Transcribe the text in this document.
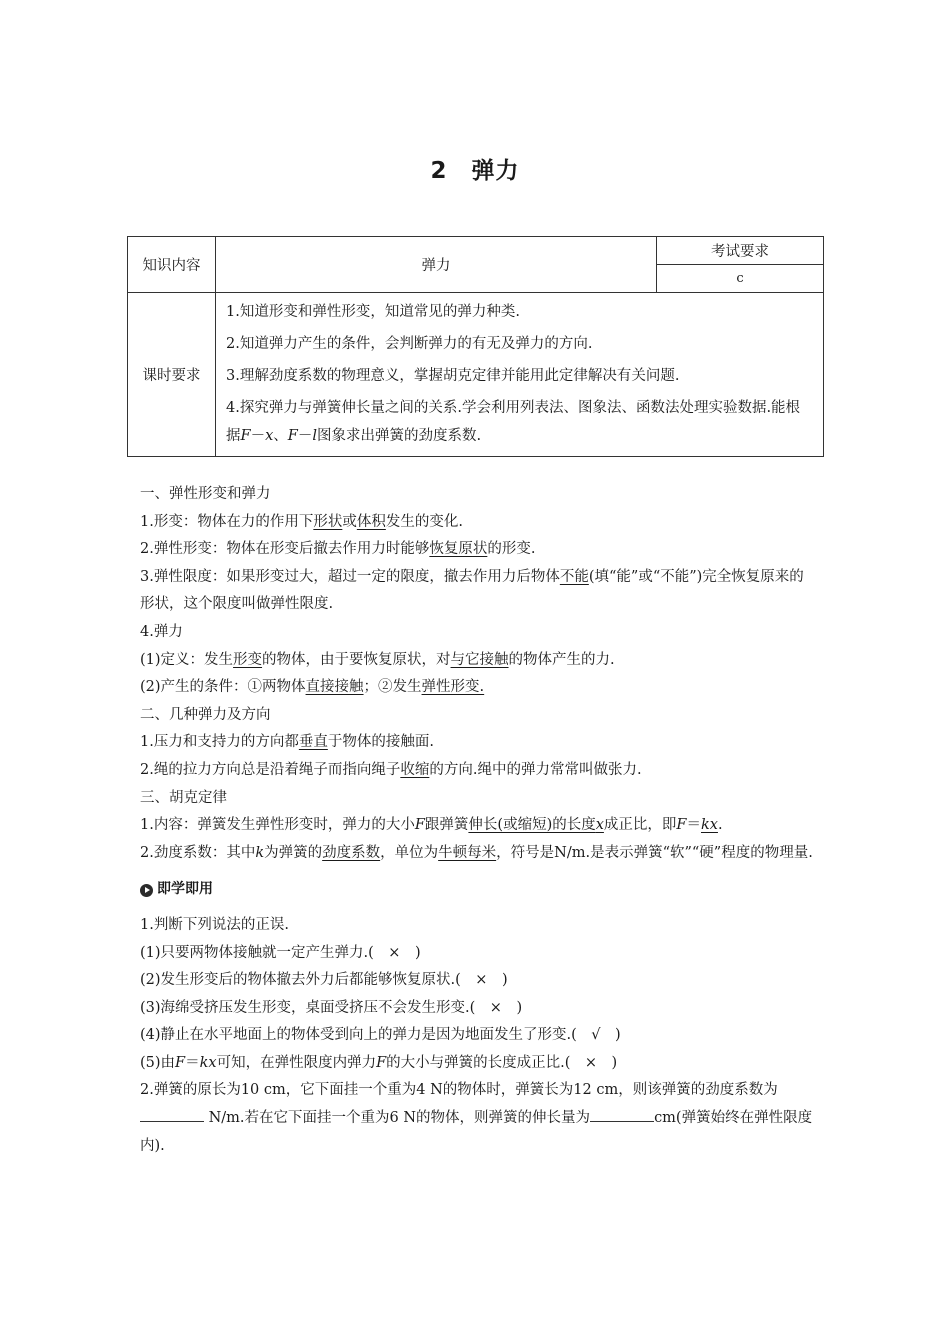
2　弹力
知识内容	弹力	考试要求
		c
课时要求	1.知道形变和弹性形变，知道常见的弹力种类.

2.知道弹力产生的条件，会判断弹力的有无及弹力的方向.

3.理解劲度系数的物理意义，掌握胡克定律并能用此定律解决有关问题.

4.探究弹力与弹簧伸长量之间的关系.学会利用列表法、图象法、函数法处理实验数据.能根据F－x、F－l图象求出弹簧的劲度系数.	

一、弹性形变和弹力

1.形变：物体在力的作用下形状或体积发生的变化.

2.弹性形变：物体在形变后撤去作用力时能够恢复原状的形变.

3.弹性限度：如果形变过大，超过一定的限度，撤去作用力后物体不能(填“能”或“不能”)完全恢复原来的形状，这个限度叫做弹性限度.

4.弹力

(1)定义：发生形变的物体，由于要恢复原状，对与它接触的物体产生的力.

(2)产生的条件：①两物体直接接触；②发生弹性形变.

二、几种弹力及方向

1.压力和支持力的方向都垂直于物体的接触面.

2.绳的拉力方向总是沿着绳子而指向绳子收缩的方向.绳中的弹力常常叫做张力.

三、胡克定律

1.内容：弹簧发生弹性形变时，弹力的大小F跟弹簧伸长(或缩短)的长度x成正比，即F＝kx.

2.劲度系数：其中k为弹簧的劲度系数，单位为牛顿每米，符号是N/m.是表示弹簧“软”“硬”程度的物理量.

即学即用

1.判断下列说法的正误.

(1)只要两物体接触就一定产生弹力.(　×　)

(2)发生形变后的物体撤去外力后都能够恢复原状.(　×　)

(3)海绵受挤压发生形变，桌面受挤压不会发生形变.(　×　)

(4)静止在水平地面上的物体受到向上的弹力是因为地面发生了形变.(　√　)

(5)由F＝kx可知，在弹性限度内弹力F的大小与弹簧的长度成正比.(　×　)

2.弹簧的原长为10 cm，它下面挂一个重为4 N的物体时，弹簧长为12 cm，则该弹簧的劲度系数为 N/m.若在它下面挂一个重为6 N的物体，则弹簧的伸长量为	cm(弹簧始终在弹性限度内).
